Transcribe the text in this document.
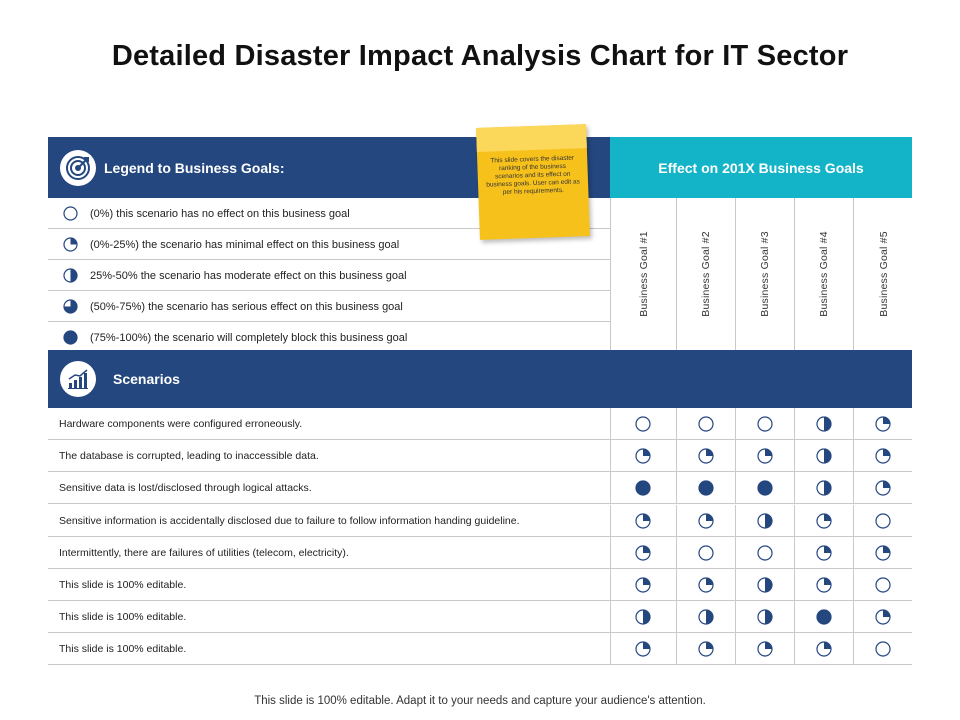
Detailed Disaster Impact Analysis Chart for IT Sector
Legend to Business Goals:	Effect on 201X Business Goals
(0%) this scenario has no effect on this business goal
(0%-25%) the scenario has minimal effect on this business goal
25%-50% the scenario has moderate effect on this business goal
(50%-75%) the scenario has serious effect on this business goal
(75%-100%) the scenario will completely block this business goal
Business Goal #1	Business Goal #2	Business Goal #3	Business Goal #4	Business Goal #5
Scenarios
Hardware components were configured erroneously.
The database is corrupted, leading to inaccessible data.
Sensitive data is lost/disclosed through logical attacks.
Sensitive information is accidentally disclosed due to failure to follow information handing guideline.
Intermittently, there are failures of utilities (telecom, electricity).
This slide is 100% editable.
This slide is 100% editable.
This slide is 100% editable.
This slide covers the disaster ranking of the business scenarios and its effect on business goals. User can edit as per his requirements.
This slide is 100% editable. Adapt it to your needs and capture your audience's attention.
